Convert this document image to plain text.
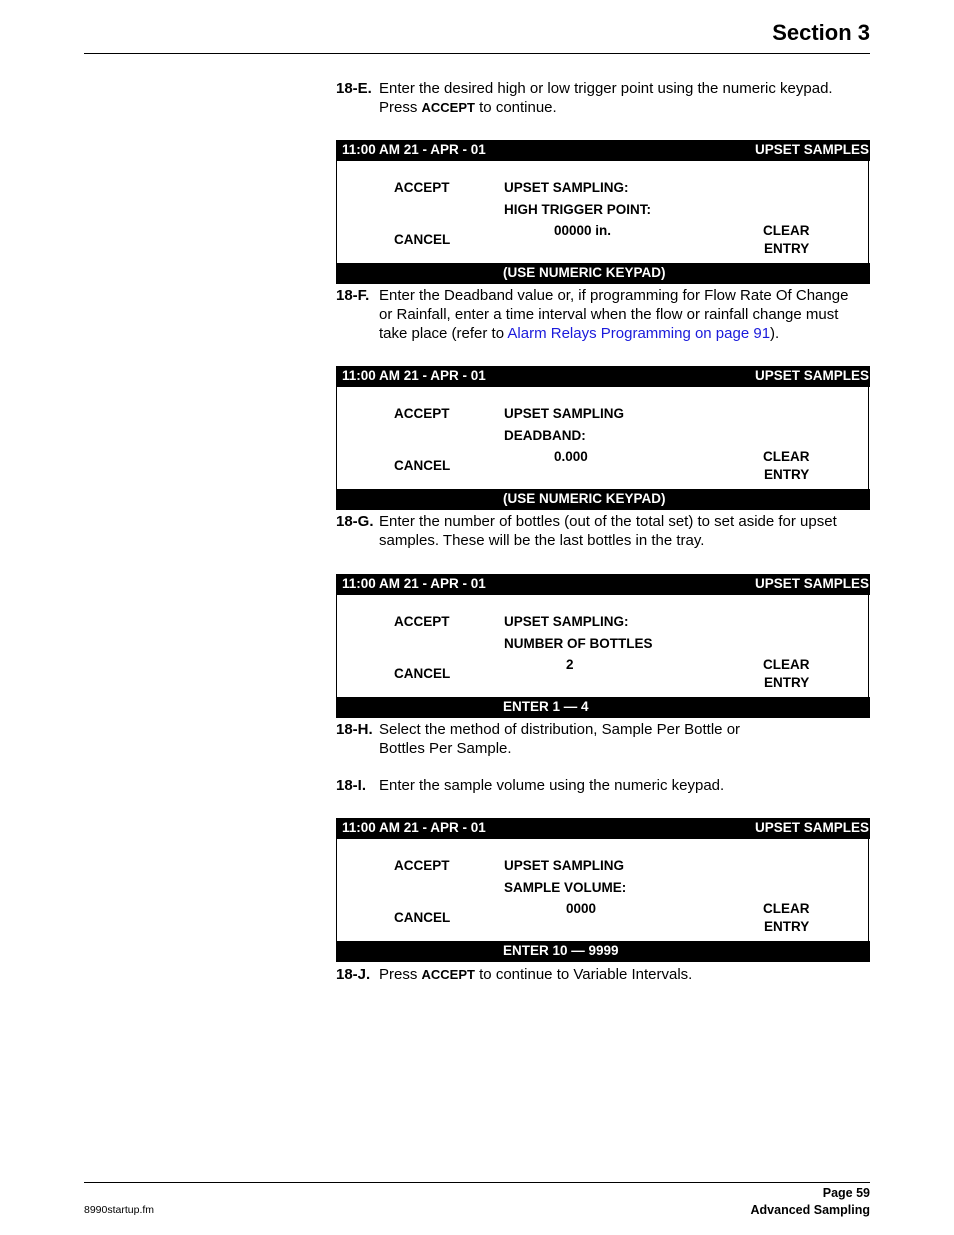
Section 3
18-E. Enter the desired high or low trigger point using the numeric keypad.
Press ACCEPT to continue.
11:00 AM 21 - APR - 01	UPSET SAMPLES
ACCEPT
CANCEL
UPSET SAMPLING:
HIGH TRIGGER POINT:
00000 in.	CLEAR
ENTRY
(USE NUMERIC KEYPAD)
18-F. Enter the Deadband value or, if programming for Flow Rate Of Change
or Rainfall, enter a time interval when the flow or rainfall change must
take place (refer to Alarm Relays Programming on page 91).
11:00 AM 21 - APR - 01	UPSET SAMPLES
ACCEPT
CANCEL
UPSET SAMPLING
DEADBAND:
0.000	CLEAR
ENTRY
(USE NUMERIC KEYPAD)
18-G. Enter the number of bottles (out of the total set) to set aside for upset
samples. These will be the last bottles in the tray.
11:00 AM 21 - APR - 01	UPSET SAMPLES
ACCEPT
CANCEL
UPSET SAMPLING:
NUMBER OF BOTTLES
2	CLEAR
ENTRY
ENTER 1 — 4
18-H. Select the method of distribution, Sample Per Bottle or
Bottles Per Sample.
18-I. Enter the sample volume using the numeric keypad.
11:00 AM 21 - APR - 01	UPSET SAMPLES
ACCEPT
CANCEL
UPSET SAMPLING
SAMPLE VOLUME:
0000	CLEAR
ENTRY
ENTER 10 — 9999
18-J. Press ACCEPT to continue to Variable Intervals.
Page 59
Advanced Sampling
8990startup.fm
